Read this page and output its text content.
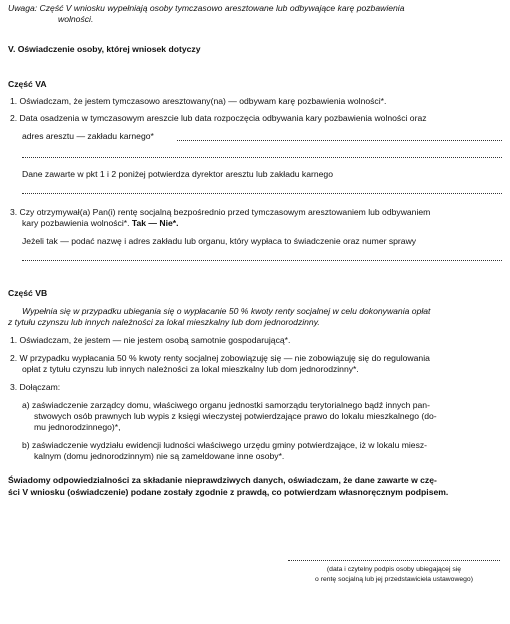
Uwaga: Część V wniosku wypełniają osoby tymczasowo aresztowane lub odbywające karę pozbawienia
wolności.
V. Oświadczenie osoby, której wniosek dotyczy
Część VA
1. Oświadczam, że jestem tymczasowo aresztowany(na) — odbywam karę pozbawienia wolności*.
2. Data osadzenia w tymczasowym areszcie lub data rozpoczęcia odbywania kary pozbawienia wolności oraz
adres aresztu — zakładu karnego*
Dane zawarte w pkt 1 i 2 poniżej potwierdza dyrektor aresztu lub zakładu karnego
3. Czy otrzymywał(a) Pan(i) rentę socjalną bezpośrednio przed tymczasowym aresztowaniem lub odbywaniem
kary pozbawienia wolności*. Tak — Nie*.
Jeżeli tak — podać nazwę i adres zakładu lub organu, który wypłaca to świadczenie oraz numer sprawy
Część VB
Wypełnia się w przypadku ubiegania się o wypłacanie 50 % kwoty renty socjalnej w celu dokonywania opłat
z tytułu czynszu lub innych należności za lokal mieszkalny lub dom jednorodzinny.
1. Oświadczam, że jestem — nie jestem osobą samotnie gospodarującą*.
2. W przypadku wypłacania 50 % kwoty renty socjalnej zobowiązuję się — nie zobowiązuję się do regulowania
opłat z tytułu czynszu lub innych należności za lokal mieszkalny lub dom jednorodzinny*.
3. Dołączam:
a) zaświadczenie zarządcy domu, właściwego organu jednostki samorządu terytorialnego bądź innych pan-
stwowych osób prawnych lub wypis z księgi wieczystej potwierdzające prawo do lokalu mieszkalnego (do-
mu jednorodzinnego)*,
b) zaświadczenie wydziału ewidencji ludności właściwego urzędu gminy potwierdzające, iż w lokalu miesz-
kalnym (domu jednorodzinnym) nie są zameldowane inne osoby*.
Świadomy odpowiedzialności za składanie nieprawdziwych danych, oświadczam, że dane zawarte w czę-
ści V wniosku (oświadczenie) podane zostały zgodnie z prawdą, co potwierdzam własnoręcznym podpisem.
(data i czytelny podpis osoby ubiegającej się
o rentę socjalną lub jej przedstawiciela ustawowego)
